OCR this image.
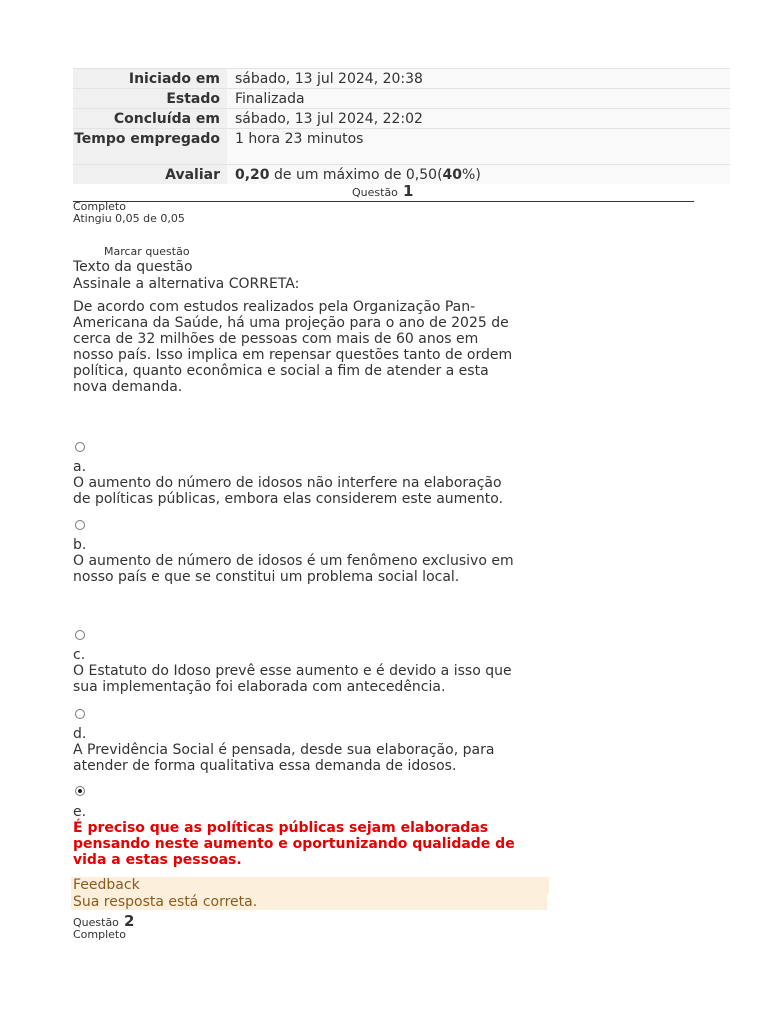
Iniciado em	sábado, 13 jul 2024, 20:38
Estado	Finalizada
Concluída em	sábado, 13 jul 2024, 22:02
Tempo empregado	1 hora 23 minutos
Avaliar	0,20 de um máximo de 0,50(40%)
Questão 1
Completo
Atingiu 0,05 de 0,05
Marcar questão
Texto da questão
Assinale a alternativa CORRETA:
De acordo com estudos realizados pela Organização Pan-
Americana da Saúde, há uma projeção para o ano de 2025 de
cerca de 32 milhões de pessoas com mais de 60 anos em
nosso país. Isso implica em repensar questões tanto de ordem
política, quanto econômica e social a fim de atender a esta
nova demanda.
a.
O aumento do número de idosos não interfere na elaboração
de políticas públicas, embora elas considerem este aumento.
b.
O aumento de número de idosos é um fenômeno exclusivo em
nosso país e que se constitui um problema social local.
c.
O Estatuto do Idoso prevê esse aumento e é devido a isso que
sua implementação foi elaborada com antecedência.
d.
A Previdência Social é pensada, desde sua elaboração, para
atender de forma qualitativa essa demanda de idosos.
e.
É preciso que as políticas públicas sejam elaboradas
pensando neste aumento e oportunizando qualidade de
vida a estas pessoas.
Feedback
Sua resposta está correta.
Questão 2
Completo
